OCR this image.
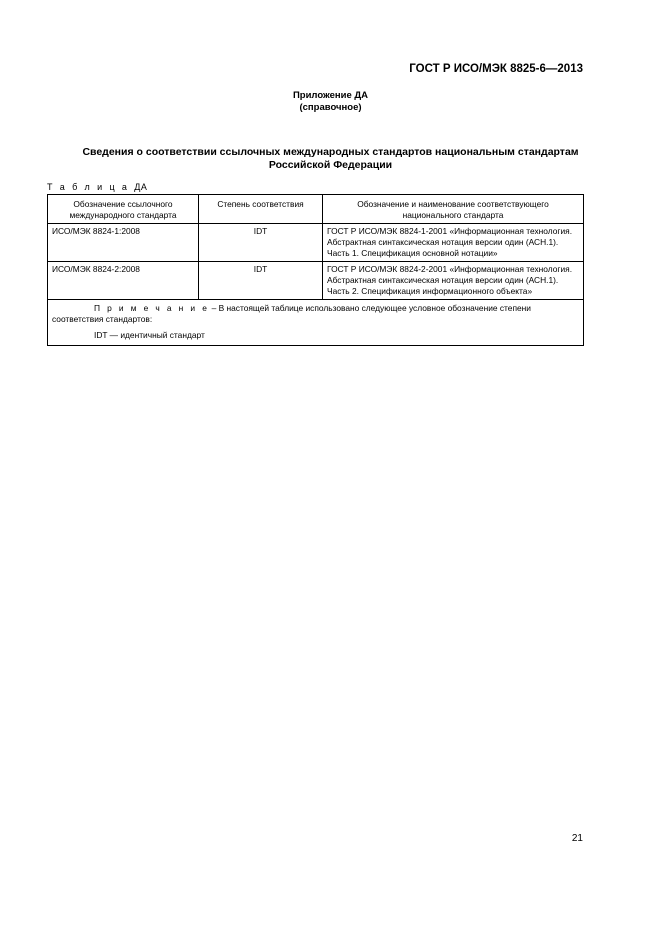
ГОСТ Р ИСО/МЭК 8825-6—2013
Приложение ДА
(справочное)
Сведения о соответствии ссылочных международных стандартов национальным стандартам
Российской Федерации
Т а б л и ц а ДА
Обозначение ссылочного международного стандарта	Степень соответствия	Обозначение и наименование соответствующего национального стандарта
ИСО/МЭК 8824-1:2008	IDT	ГОСТ Р ИСО/МЭК 8824-1-2001 «Информационная технология. Абстрактная синтаксическая нотация версии один (АСН.1). Часть 1. Спецификация основной нотации»
ИСО/МЭК 8824-2:2008	IDT	ГОСТ Р ИСО/МЭК 8824-2-2001 «Информационная технология. Абстрактная синтаксическая нотация версии один (АСН.1). Часть 2. Спецификация информационного объекта»

П р и м е ч а н и е – В настоящей таблице использовано следующее условное обозначение степени соответствия стандартов:

IDT — идентичный стандарт		
21
